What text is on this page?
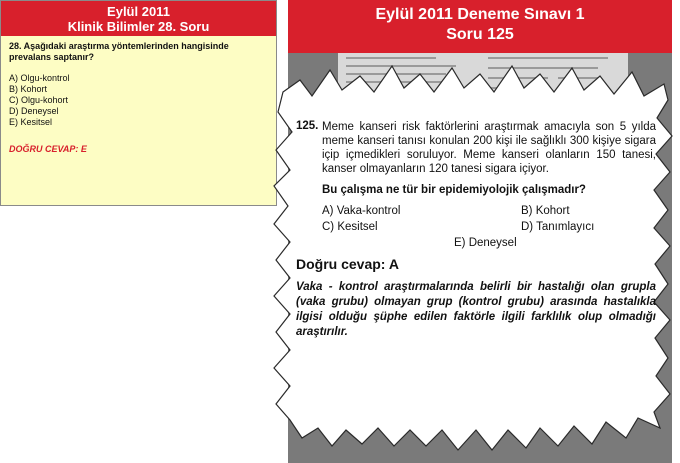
Eylül 2011
Klinik Bilimler 28. Soru
28. Aşağıdaki araştırma yöntemlerinden hangisinde prevalans saptanır?
A) Olgu-kontrol
B) Kohort
C) Olgu-kohort
D) Deneysel
E) Kesitsel
DOĞRU CEVAP: E
Eylül 2011 Deneme Sınavı 1
Soru 125
125. Meme kanseri risk faktörlerini araştırmak amacıyla son 5 yılda meme kanseri tanısı konulan 200 kişi ile sağlıklı 300 kişiye sigara içip içmedikleri soruluyor. Meme kanseri olanların 150 tanesi, kanser olmayanların 120 tanesi sigara içiyor.
Bu çalışma ne tür bir epidemiyolojik çalışmadır?
A) Vaka-kontrol	B) Kohort
C) Kesitsel	D) Tanımlayıcı
E) Deneysel
Doğru cevap: A
Vaka - kontrol araştırmalarında belirli bir hastalığı olan grupla (vaka grubu) olmayan grup (kontrol grubu) arasında hastalıkla ilgisi olduğu şüphe edilen faktörle ilgili farklılık olup olmadığı araştırılır.
